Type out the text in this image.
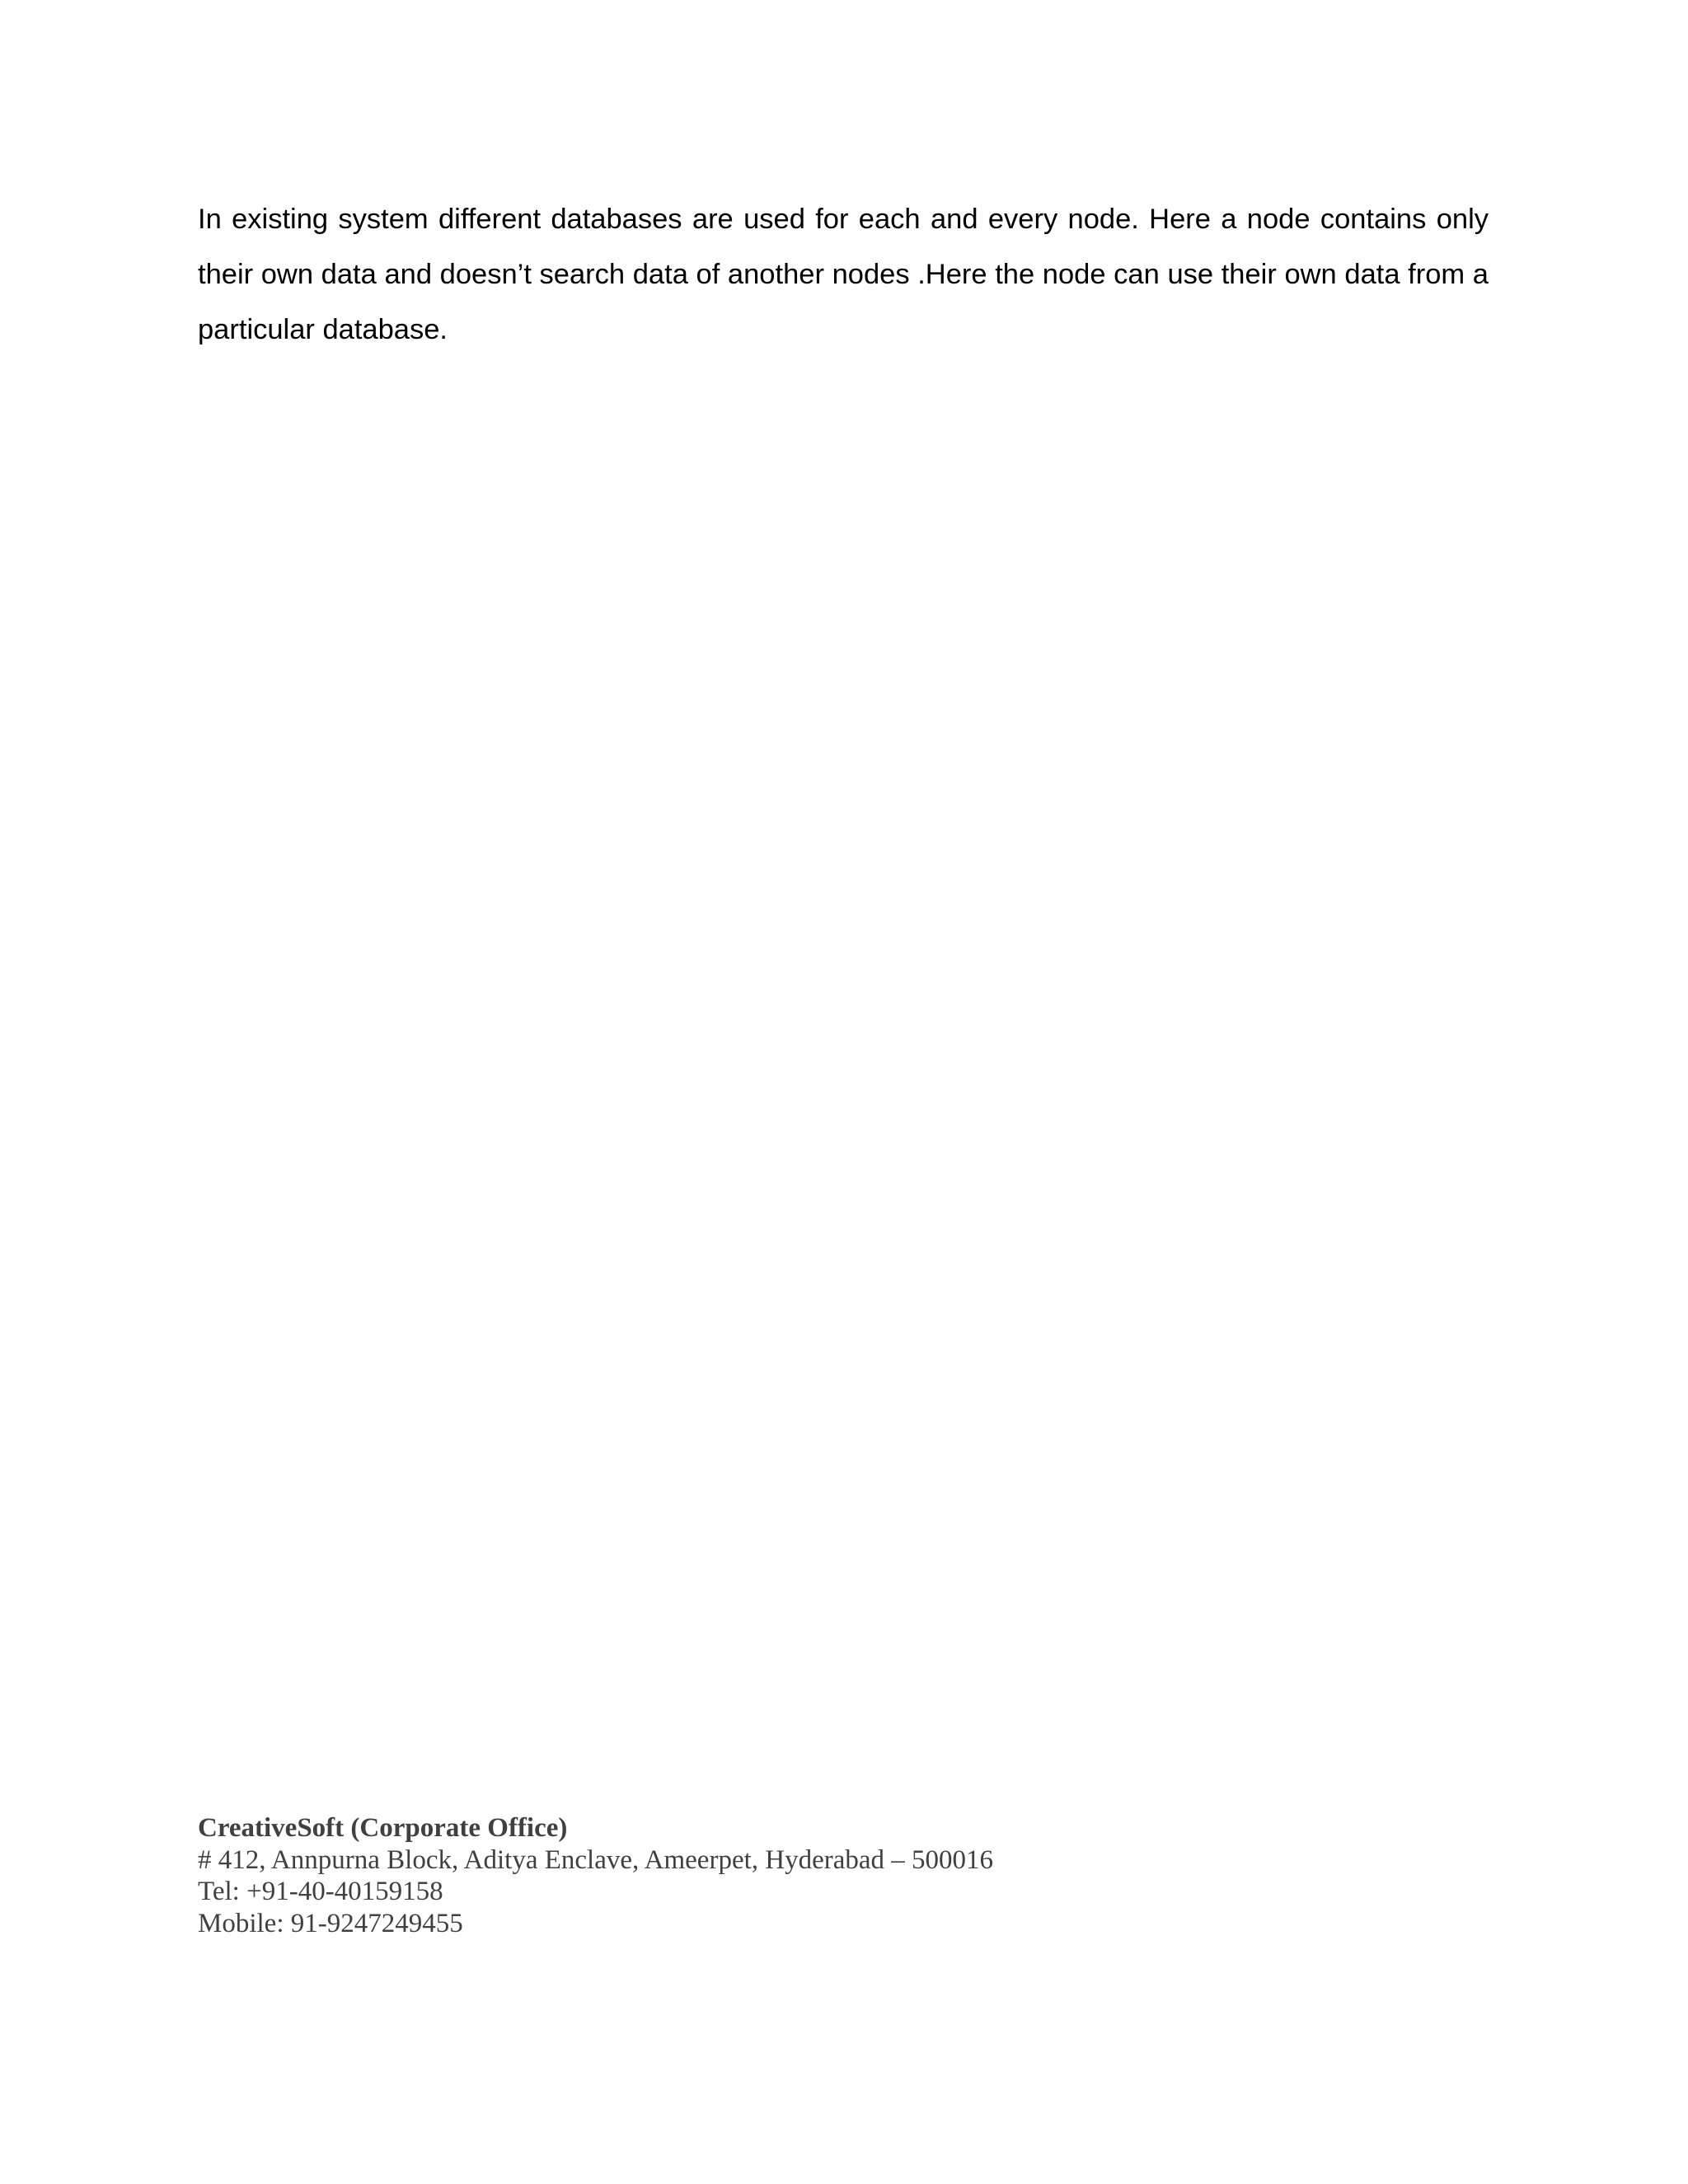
In existing system different databases are used for each and every node. Here a node contains only their own data and doesn’t search data of another nodes .Here the node can use their own data from a particular database.

CreativeSoft (Corporate Office)
# 412, Annpurna Block, Aditya Enclave, Ameerpet, Hyderabad – 500016
Tel: +91-40-40159158
Mobile: 91-9247249455
